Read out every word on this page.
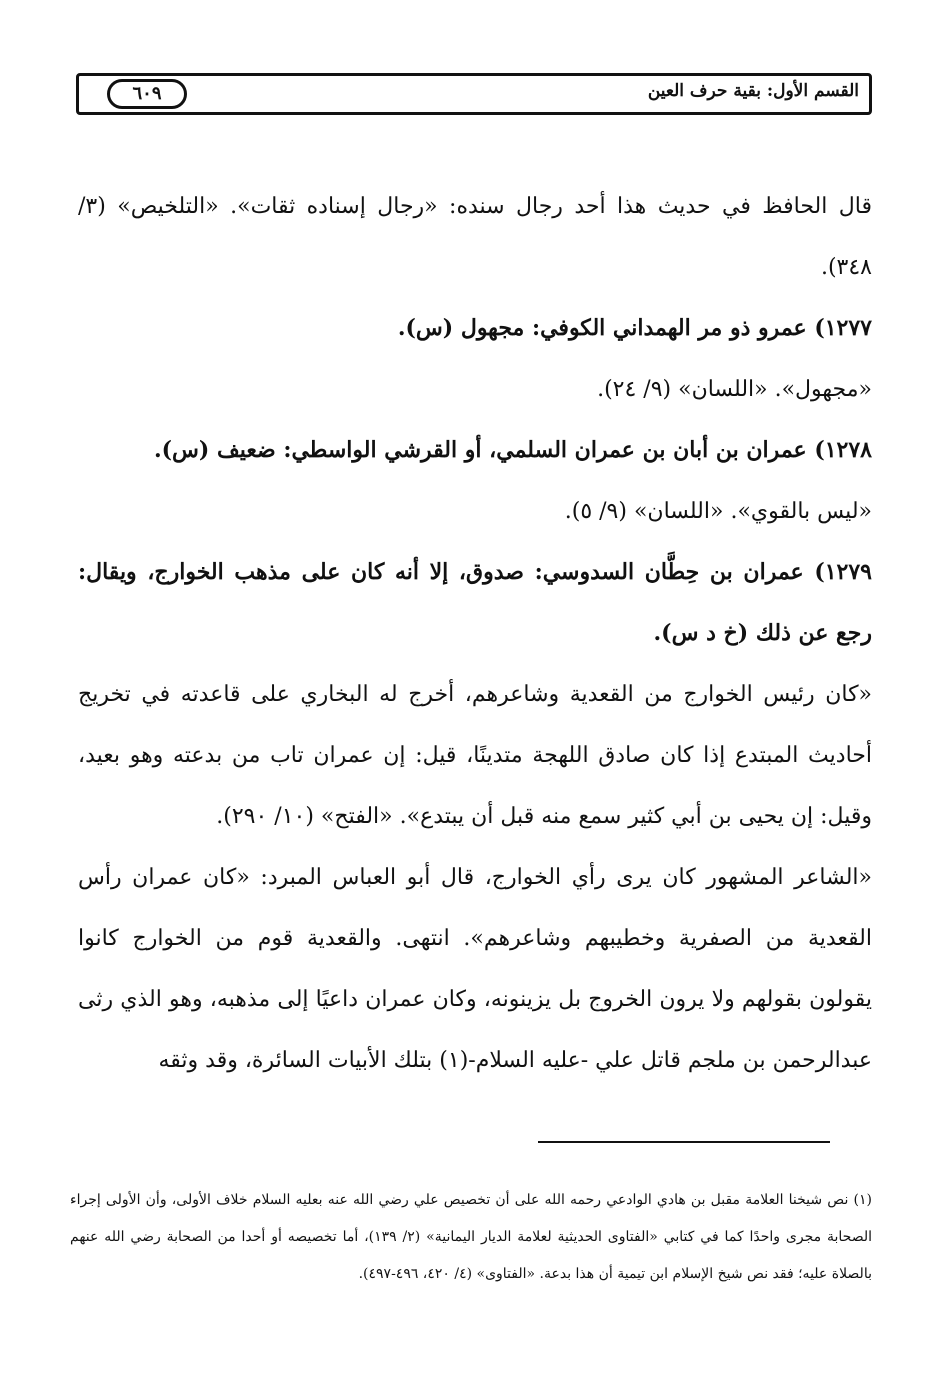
القسم الأول: بقية حرف العين
٦٠٩

قال الحافظ في حديث هذا أحد رجال سنده: «رجال إسناده ثقات». «التلخيص» (٣/ ٣٤٨).

١٢٧٧) عمرو ذو مر الهمداني الكوفي: مجهول (س).

«مجهول». «اللسان» (٩/ ٢٤).

١٢٧٨) عمران بن أبان بن عمران السلمي، أو القرشي الواسطي: ضعيف (س).

«ليس بالقوي». «اللسان» (٩/ ٥).

١٢٧٩) عمران بن حِطَّان السدوسي: صدوق، إلا أنه كان على مذهب الخوارج، ويقال: رجع عن ذلك (خ د س).

«كان رئيس الخوارج من القعدية وشاعرهم، أخرج له البخاري على قاعدته في تخريج أحاديث المبتدع إذا كان صادق اللهجة متدينًا، قيل: إن عمران تاب من بدعته وهو بعيد، وقيل: إن يحيى بن أبي كثير سمع منه قبل أن يبتدع». «الفتح» (١٠/ ٢٩٠).

«الشاعر المشهور كان يرى رأي الخوارج، قال أبو العباس المبرد: «كان عمران رأس القعدية من الصفرية وخطيبهم وشاعرهم». انتهى. والقعدية قوم من الخوارج كانوا يقولون بقولهم ولا يرون الخروج بل يزينونه، وكان عمران داعيًا إلى مذهبه، وهو الذي رثى عبدالرحمن بن ملجم قاتل علي -عليه السلام-(١) بتلك الأبيات السائرة، وقد وثقه

(١) نص شيخنا العلامة مقبل بن هادي الوادعي رحمه الله على أن تخصيص علي رضي الله عنه بعليه السلام خلاف الأولى، وأن الأولى إجراء الصحابة مجرى واحدًا كما في كتابي «الفتاوى الحديثية لعلامة الديار اليمانية» (٢/ ١٣٩)، أما تخصيصه أو أحدا من الصحابة رضي الله عنهم بالصلاة عليه؛ فقد نص شيخ الإسلام ابن تيمية أن هذا بدعة. «الفتاوى» (٤/ ٤٢٠، ٤٩٦-٤٩٧).
